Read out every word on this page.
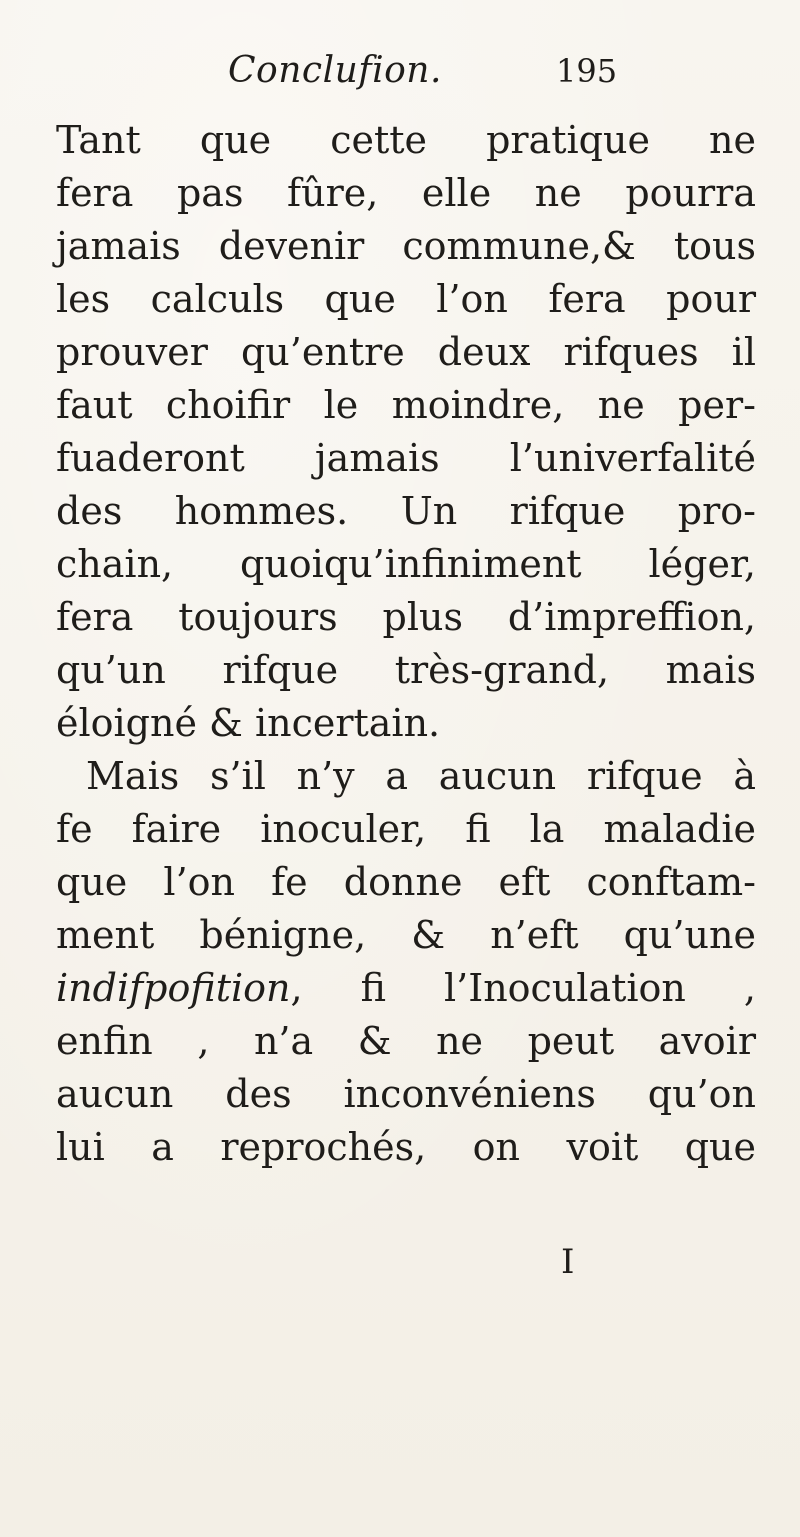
Conclufion.	195
Tant que cette pratique ne
fera pas fûre, elle ne pourra
jamais devenir commune,& tous
les calculs que l’on fera pour
prouver qu’entre deux rifques il
faut choifir le moindre, ne per-
fuaderont jamais l’univerfalité
des hommes. Un rifque pro-
chain, quoiqu’infiniment léger,
fera toujours plus d’impreffion,
qu’un rifque très-grand, mais
éloigné & incertain.
Mais s’il n’y a aucun rifque à
fe faire inoculer, fi la maladie
que l’on fe donne eft conftam-
ment bénigne, & n’eft qu’une
indifpofition, fi l’Inoculation ,
enfin , n’a & ne peut avoir
aucun des inconvéniens qu’on
lui a reprochés, on voit que
I
